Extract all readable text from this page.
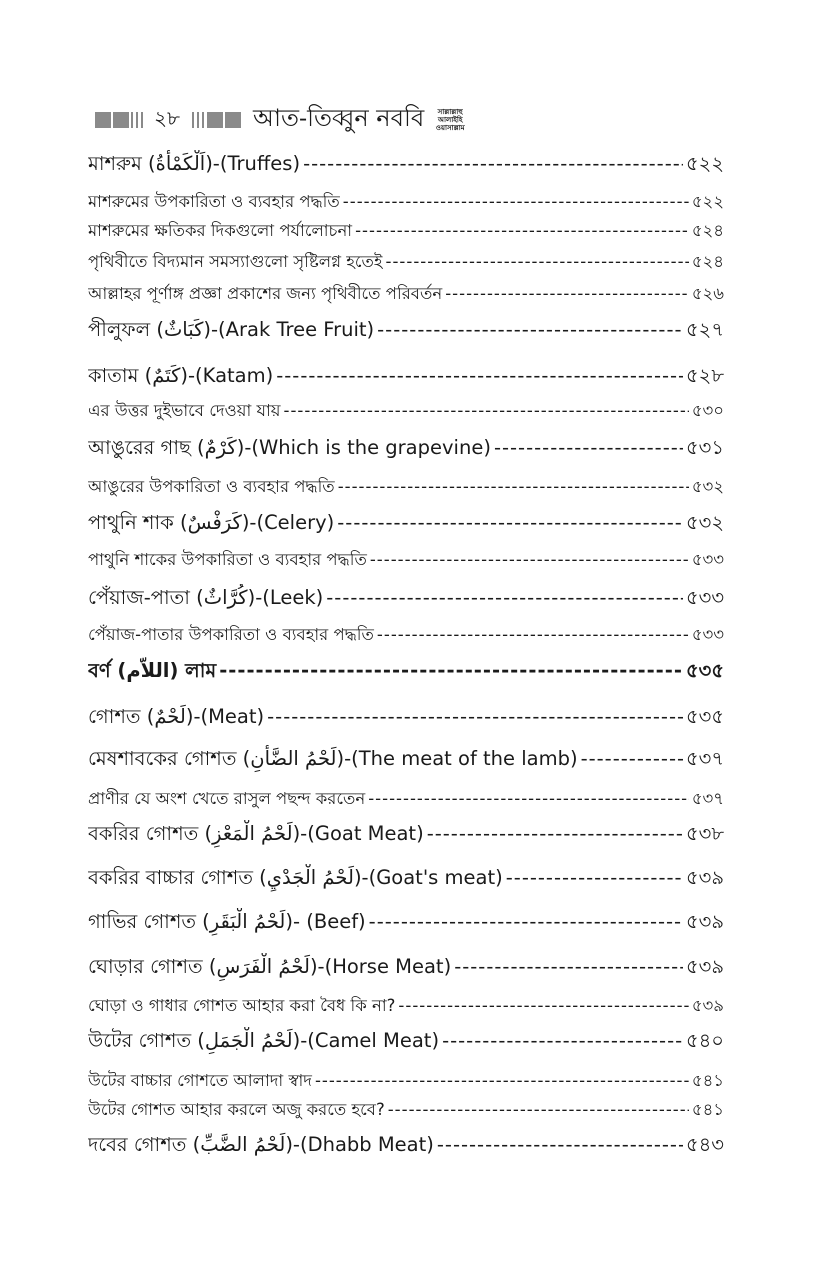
২৮	আত-তিব্বুন নববি	সাল্লাল্লাহু আলাইহি ওয়াসাল্লাম
মাশরুম (اَلْكَمْأَةُ)-(Truffes) -----	৫২২
মাশরুমের উপকারিতা ও ব্যবহার পদ্ধতি -----	৫২২
মাশরুমের ক্ষতিকর দিকগুলো পর্যালোচনা -----	৫২৪
পৃথিবীতে বিদ্যমান সমস্যাগুলো সৃষ্টিলগ্ন হতেই -----	৫২৪
আল্লাহর পূর্ণাঙ্গ প্রজ্ঞা প্রকাশের জন্য পৃথিবীতে পরিবর্তন -----	৫২৬
পীলুফল (كَبَاثٌ)-(Arak Tree Fruit) -----	৫২৭
কাতাম (كَتَمٌ)-(Katam) -----	৫২৮
এর উত্তর দুইভাবে দেওয়া যায় -----	৫৩০
আঙুরের গাছ (كَرْمٌ)-(Which is the grapevine) -----	৫৩১
আঙুরের উপকারিতা ও ব্যবহার পদ্ধতি -----	৫৩২
পাথুনি শাক (كَرَفْسٌ)-(Celery) -----	৫৩২
পাথুনি শাকের উপকারিতা ও ব্যবহার পদ্ধতি -----	৫৩৩
পেঁয়াজ-পাতা (كُرَّاثٌ)-(Leek) -----	৫৩৩
পেঁয়াজ-পাতার উপকারিতা ও ব্যবহার পদ্ধতি -----	৫৩৩
বর্ণ (اللاّم) লাম -----	৫৩৫
গোশত (لَحْمٌ)-(Meat) -----	৫৩৫
মেষশাবকের গোশত (لَحْمُ الضَّأنِ)-(The meat of the lamb) -----	৫৩৭
প্রাণীর যে অংশ খেতে রাসুল পছন্দ করতেন -----	৫৩৭
বকরির গোশত (لَحْمُ الْمَعْزِ)-(Goat Meat) -----	৫৩৮
বকরির বাচ্চার গোশত (لَحْمُ الْجَدْيِ)-(Goat's meat) -----	৫৩৯
গাভির গোশত (لَحْمُ الْبَقَرِ)- (Beef) -----	৫৩৯
ঘোড়ার গোশত (لَحْمُ الْفَرَسِ)-(Horse Meat) -----	৫৩৯
ঘোড়া ও গাধার গোশত আহার করা বৈধ কি না? -----	৫৩৯
উটের গোশত (لَحْمُ الْجَمَلِ)-(Camel Meat) -----	৫৪০
উটের বাচ্চার গোশতে আলাদা স্বাদ -----	৫৪১
উটের গোশত আহার করলে অজু করতে হবে? -----	৫৪১
দবের গোশত (لَحْمُ الضَّبِّ)-(Dhabb Meat) -----	৫৪৩
